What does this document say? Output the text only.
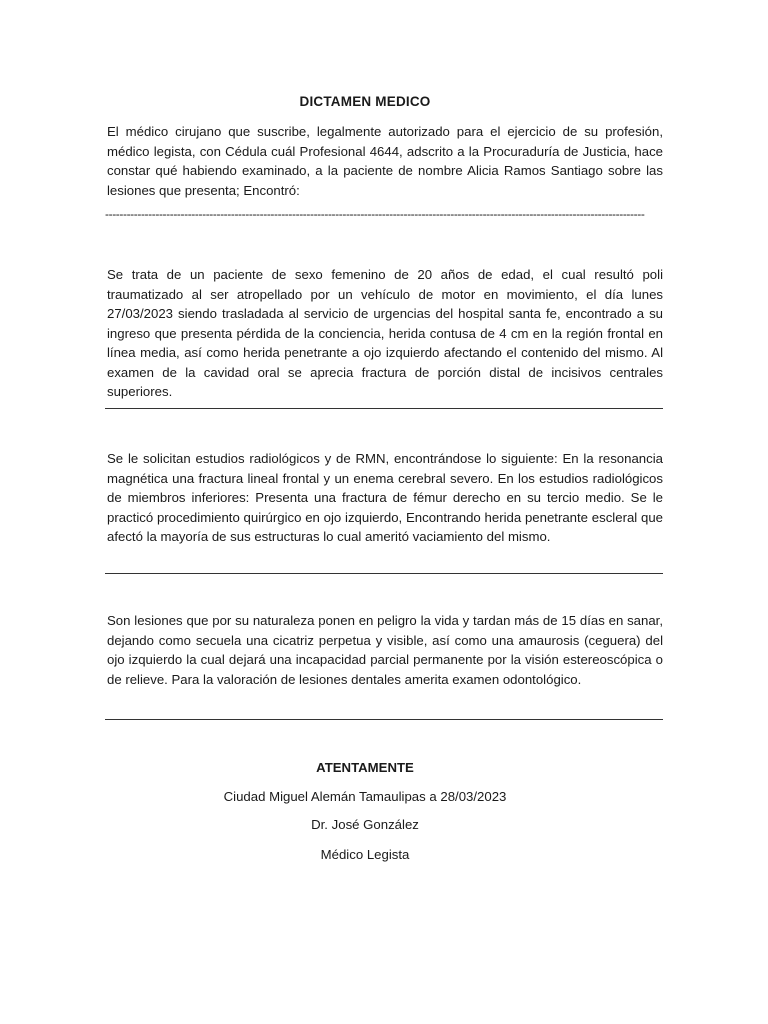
DICTAMEN MEDICO

El médico cirujano que suscribe, legalmente autorizado para el ejercicio de su profesión, médico legista, con Cédula cuál Profesional 4644, adscrito a la Procuraduría de Justicia, hace constar qué habiendo examinado, a la paciente de nombre Alicia Ramos Santiago sobre las lesiones que presenta; Encontró:

------------------------------------------------------------------------------------------------------------------------------------------------------

Se trata de un paciente de sexo femenino de 20 años de edad, el cual resultó poli traumatizado al ser atropellado por un vehículo de motor en movimiento, el día lunes 27/03/2023 siendo trasladada al servicio de urgencias del hospital santa fe, encontrado a su ingreso que presenta pérdida de la conciencia, herida contusa de 4 cm en la región frontal en línea media, así como herida penetrante a ojo izquierdo afectando el contenido del mismo. Al examen de la cavidad oral se aprecia fractura de porción distal de incisivos centrales superiores.

Se le solicitan estudios radiológicos y de RMN, encontrándose lo siguiente: En la resonancia magnética una fractura lineal frontal y un enema cerebral severo. En los estudios radiológicos de miembros inferiores: Presenta una fractura de fémur derecho en su tercio medio. Se le practicó procedimiento quirúrgico en ojo izquierdo, Encontrando herida penetrante escleral que afectó la mayoría de sus estructuras lo cual ameritó vaciamiento del mismo.

Son lesiones que por su naturaleza ponen en peligro la vida y tardan más de 15 días en sanar, dejando como secuela una cicatriz perpetua y visible, así como una amaurosis (ceguera) del ojo izquierdo la cual dejará una incapacidad parcial permanente por la visión estereoscópica o de relieve. Para la valoración de lesiones dentales amerita examen odontológico.

ATENTAMENTE
Ciudad Miguel Alemán Tamaulipas a 28/03/2023
Dr. José González
Médico Legista
